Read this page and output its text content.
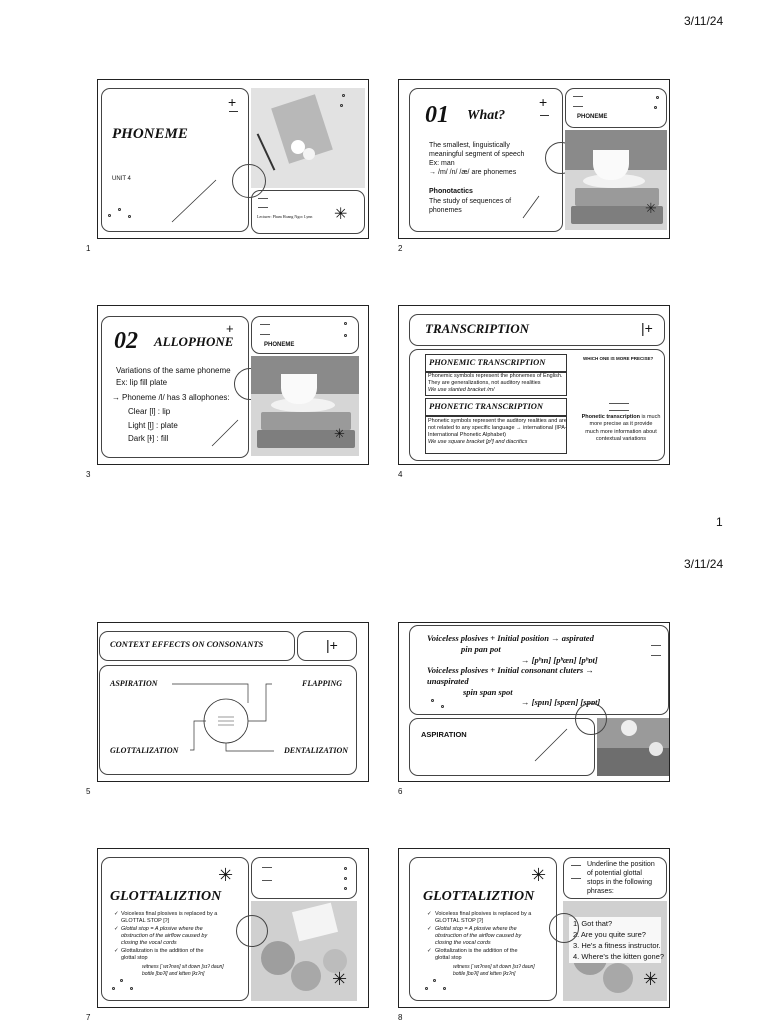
3/11/24
1
3/11/24
PHONEME
UNIT 4
+
Lecturer: Pham Hoang Ngoc Lynn ✳
1
01 What?
+
The smallest, linguistically
meaningful segment of speech
Ex: man
→ /m/ /n/ /æ/ are phonemes
Phonotactics
The study of sequences of
phonemes
PHONEME
✳
2
02 ALLOPHONE
+
Variations of the same phoneme
Ex: lip fill plate
→ Phoneme /l/ has 3 allophones:
Clear [l] : lip
Light [l̥] : plate
Dark [ɫ] : fill
PHONEME
✳
3
TRANSCRIPTION	|+
PHONEMIC TRANSCRIPTION
Phonemic symbols represent the phonemes of English.
They are generalizations, not auditory realities
We use slanted bracket /m/
PHONETIC TRANSCRIPTION
Phonetic symbols represent the auditory realities and are
not related to any specific language → international (IPA-
International Phonetic Alphabet)
We use square bracket [pʰ] and diacritics
WHICH ONE IS MORE PRECISE?
Phonetic transcription is much
more precise as it provide
much more information about
contextual variations
4
CONTEXT EFFECTS ON CONSONANTS	|+
ASPIRATION	FLAPPING
GLOTTALIZATION	DENTALIZATION
5
Voiceless plosives + Initial position → aspirated
pin pan pot
→ [pʰɪn] [pʰæn] [pʰɒt]
Voiceless plosives + Initial consonant cluters →
unaspirated
spin span spot
→ [spɪn] [spæn] [spɒt]
ASPIRATION
6
GLOTTALIZTION
✳
✓ Voiceless final plosives is replaced by a
GLOTTAL STOP [ʔ]
✓ Glottal stop = A plosive where the
obstruction of the airflow caused by
closing the vocal cords
✓ Glottalization is the addition of the
glottal stop
witness [ˈwɪʔnəs] sit down [sɪʔ daʊn]
bottle [bɒʔl] and kitten [kɪʔn]	✳
7
GLOTTALIZTION
✳
✓ Voiceless final plosives is replaced by a
GLOTTAL STOP [ʔ]
✓ Glottal stop = A plosive where the
obstruction of the airflow caused by
closing the vocal cords
✓ Glottalization is the addition of the
glottal stop
witness [ˈwɪʔnəs] sit down [sɪʔ daʊn]
bottle [bɒʔl] and kitten [kɪʔn]
Underline the position
of potential glottal
stops in the following
phrases:
1. Got that?
2. Are you quite sure?
3. He's a fitness instructor.
4. Where's the kitten gone?
✳
8
